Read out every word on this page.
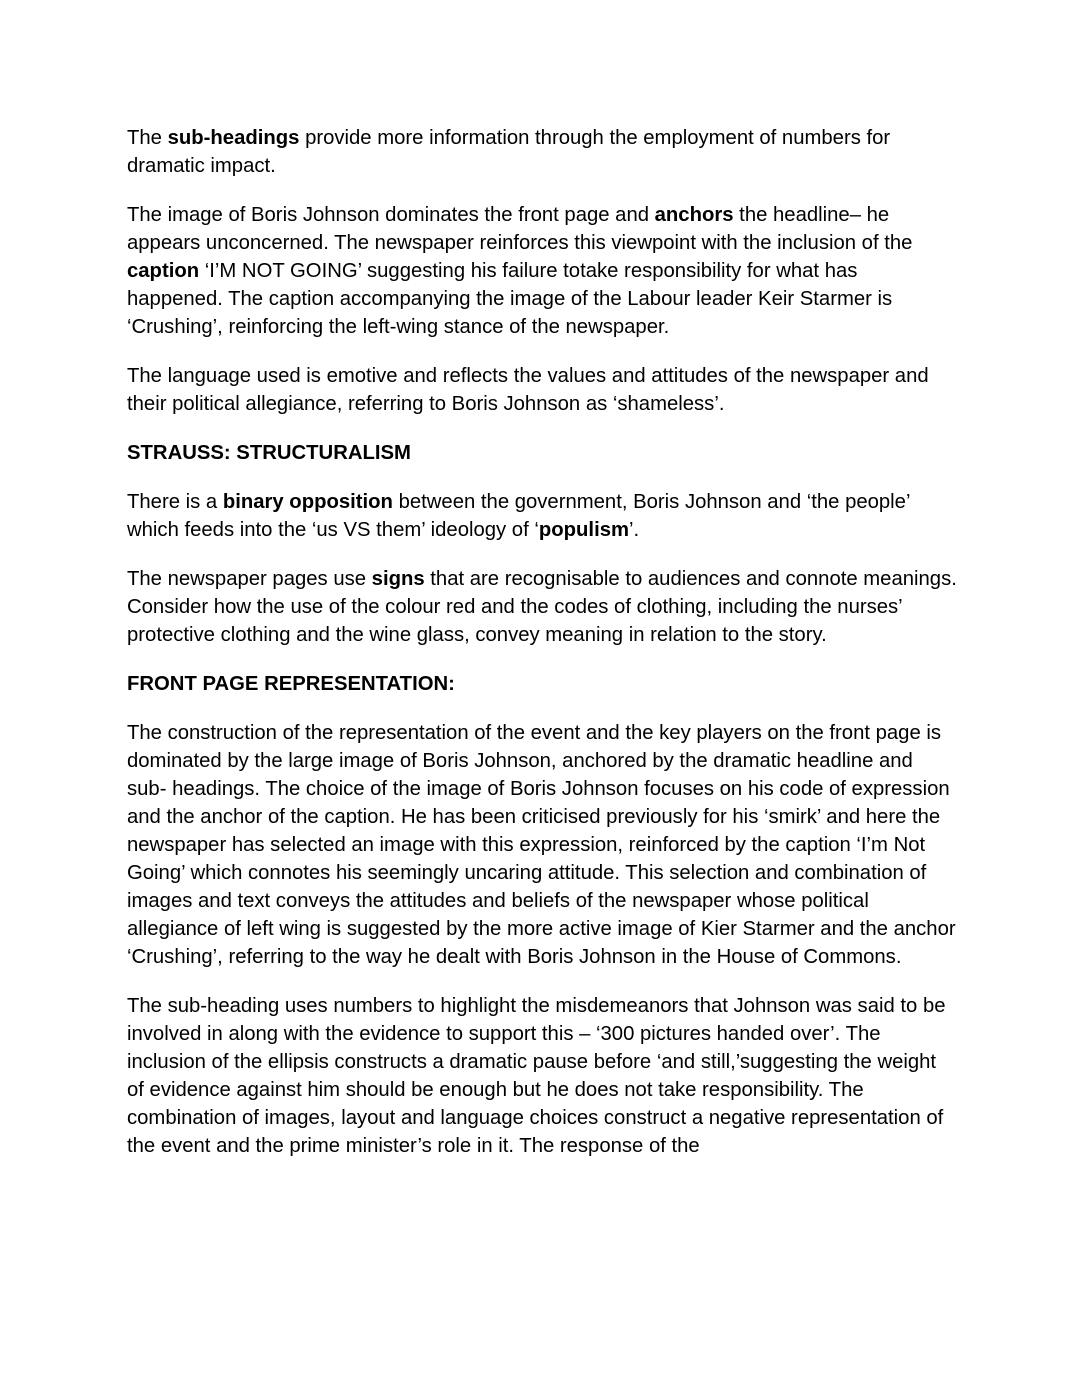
The sub-headings provide more information through the employment of numbers for dramatic impact.

The image of Boris Johnson dominates the front page and anchors the headline– he appears unconcerned. The newspaper reinforces this viewpoint with the inclusion of the caption ‘I’M NOT GOING’ suggesting his failure totake responsibility for what has happened. The caption accompanying the image of the Labour leader Keir Starmer is ‘Crushing’, reinforcing the left-wing stance of the newspaper.

The language used is emotive and reflects the values and attitudes of the newspaper and their political allegiance, referring to Boris Johnson as ‘shameless’.

STRAUSS: STRUCTURALISM

There is a binary opposition between the government, Boris Johnson and ‘the people’ which feeds into the ‘us VS them’ ideology of ‘populism’.

The newspaper pages use signs that are recognisable to audiences and connote meanings. Consider how the use of the colour red and the codes of clothing, including the nurses’ protective clothing and the wine glass, convey meaning in relation to the story.

FRONT PAGE REPRESENTATION:

The construction of the representation of the event and the key players on the front page is dominated by the large image of Boris Johnson, anchored by the dramatic headline and sub- headings. The choice of the image of Boris Johnson focuses on his code of expression and the anchor of the caption. He has been criticised previously for his ‘smirk’ and here the newspaper has selected an image with this expression, reinforced by the caption ‘I’m Not Going’ which connotes his seemingly uncaring attitude. This selection and combination of images and text conveys the attitudes and beliefs of the newspaper whose political allegiance of left wing is suggested by the more active image of Kier Starmer and the anchor ‘Crushing’, referring to the way he dealt with Boris Johnson in the House of Commons.

The sub-heading uses numbers to highlight the misdemeanors that Johnson was said to be involved in along with the evidence to support this – ‘300 pictures handed over’. The inclusion of the ellipsis constructs a dramatic pause before ‘and still,’suggesting the weight of evidence against him should be enough but he does not take responsibility. The combination of images, layout and language choices construct a negative representation of the event and the prime minister’s role in it. The response of the
